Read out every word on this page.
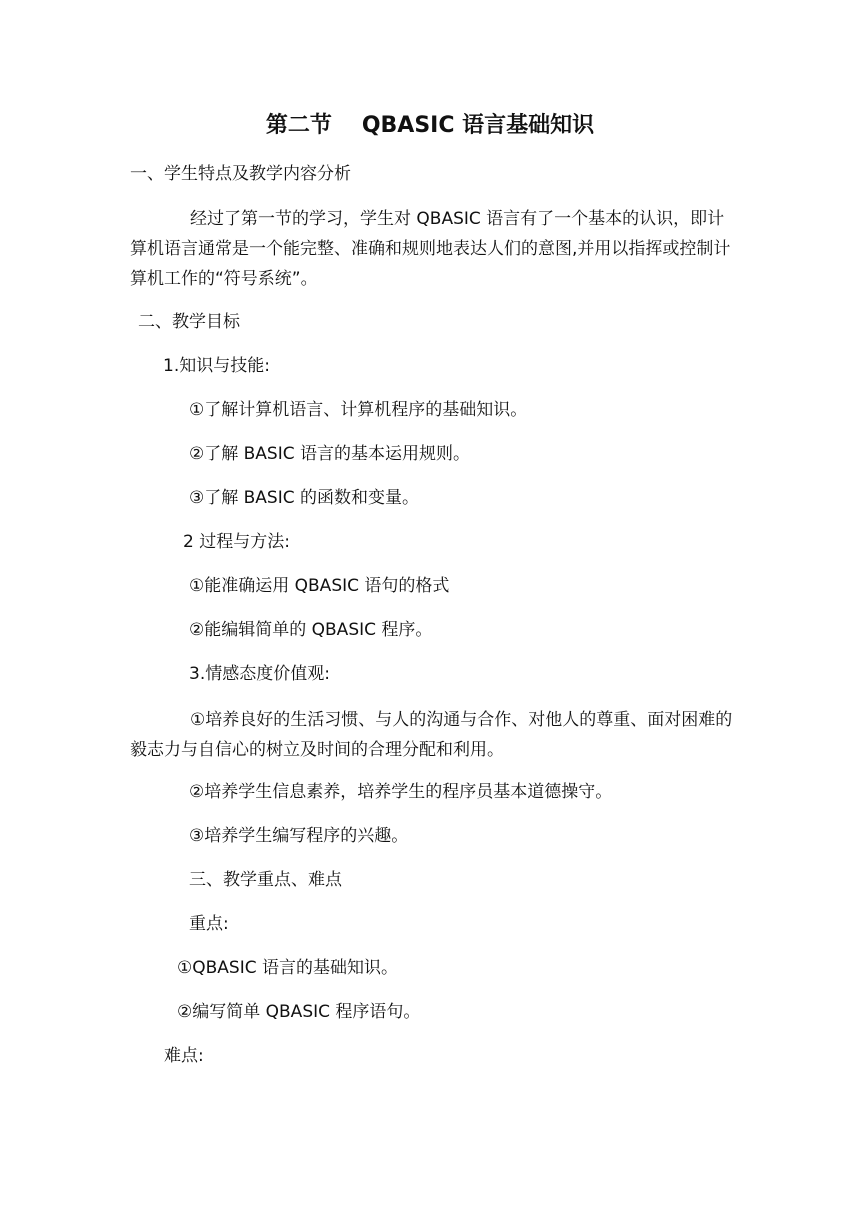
第二节 QBASIC 语言基础知识
一、学生特点及教学内容分析
经过了第一节的学习，学生对 QBASIC 语言有了一个基本的认识，即计算机语言通常是一个能完整、准确和规则地表达人们的意图,并用以指挥或控制计算机工作的“符号系统”。
二、教学目标
1.知识与技能:
①了解计算机语言、计算机程序的基础知识。
②了解 BASIC 语言的基本运用规则。
③了解 BASIC 的函数和变量。
2 过程与方法:
①能准确运用 QBASIC 语句的格式
②能编辑简单的 QBASIC 程序。
3.情感态度价值观:
①培养良好的生活习惯、与人的沟通与合作、对他人的尊重、面对困难的毅志力与自信心的树立及时间的合理分配和利用。
②培养学生信息素养，培养学生的程序员基本道德操守。
③培养学生编写程序的兴趣。
三、教学重点、难点
重点:
①QBASIC 语言的基础知识。
②编写简单 QBASIC 程序语句。
难点:
